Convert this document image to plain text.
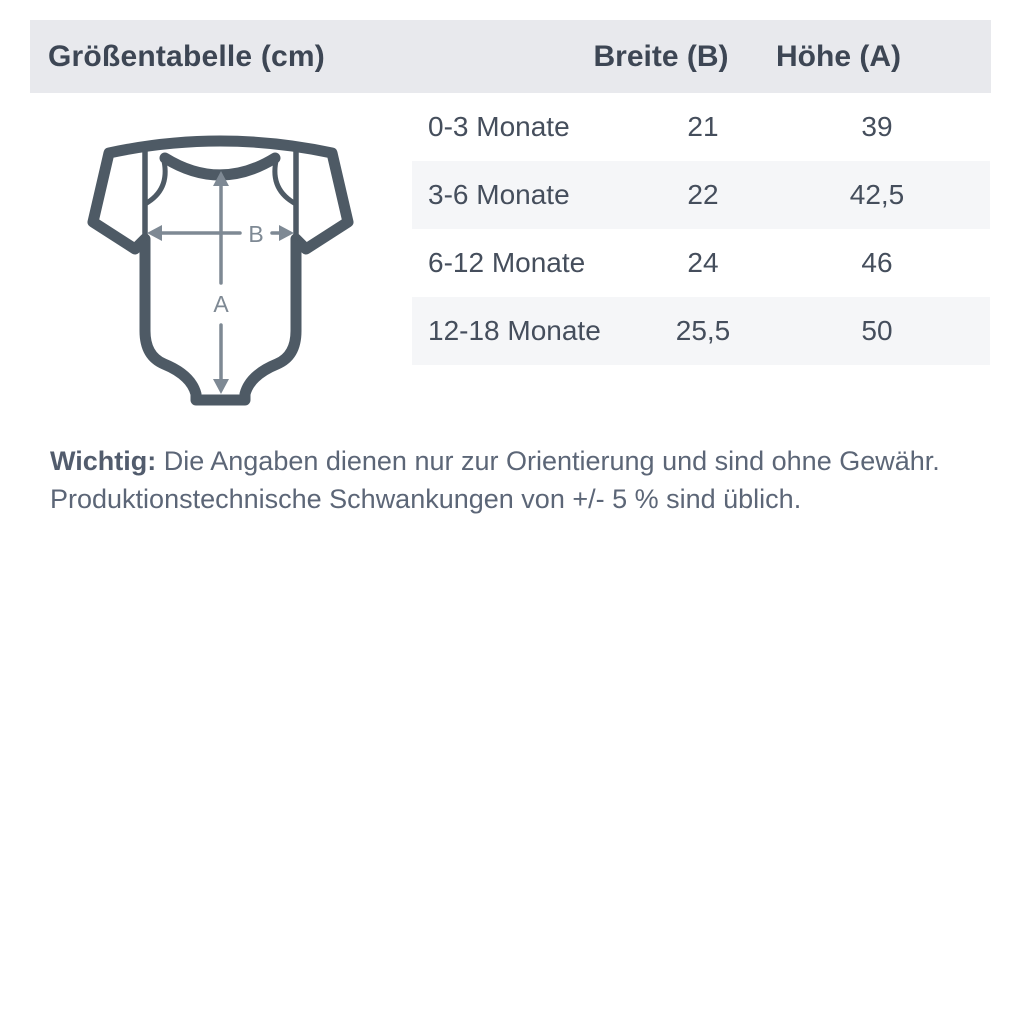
Größentabelle (cm)	Breite (B)	Höhe (A)
0-3 Monate	21	39
3-6 Monate	22	42,5
6-12 Monate	24	46
12-18 Monate	25,5	50
B
A
Wichtig: Die Angaben dienen nur zur Orientierung und sind ohne Gewähr.
Produktionstechnische Schwankungen von +/- 5 % sind üblich.
